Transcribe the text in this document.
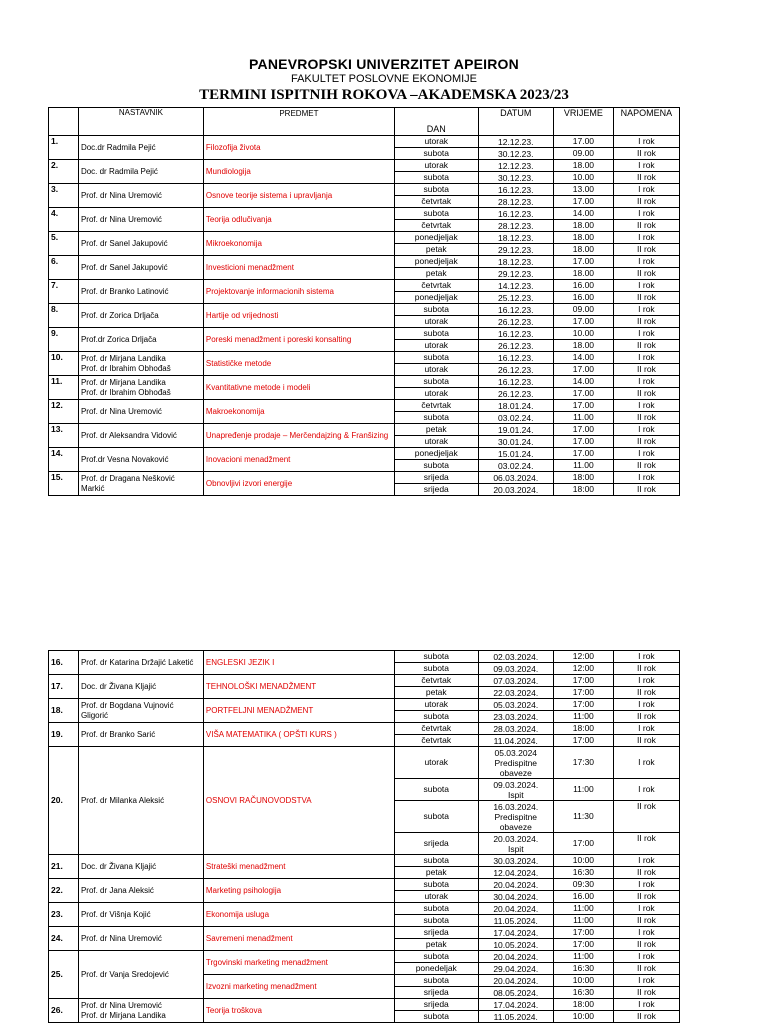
PANEVROPSKI UNIVERZITET APEIRON
FAKULTET POSLOVNE EKONOMIJE
TERMINI ISPITNIH ROKOVA –AKADEMSKA 2023/23
	NASTAVNIK	PREDMET	DAN	DATUM	VRIJEME	NAPOMENA
1.	Doc.dr Radmila Pejić	Filozofija života	utorak	12.12.23.	17.00	I rok
			subota	30.12.23.	09.00	II rok
2.	Doc. dr Radmila Pejić	Mundiologija	utorak	12.12.23.	18.00	I rok
			subota	30.12.23.	10.00	II rok
3.	Prof. dr Nina Uremović	Osnove teorije sistema i upravljanja	subota	16.12.23.	13.00	I rok
			četvrtak	28.12.23.	17.00	II rok
4.	Prof. dr Nina Uremović	Teorija odlučivanja	subota	16.12.23.	14.00	I rok
			četvrtak	28.12.23.	18.00	II rok
5.	Prof. dr Sanel Jakupović	Mikroekonomija	ponedjeljak	18.12.23.	18.00	I rok
			petak	29.12.23.	18.00	II rok
6.	Prof. dr Sanel Jakupović	Investicioni menadžment	ponedjeljak	18.12.23.	17.00	I rok
			petak	29.12.23.	18.00	II rok
7.	Prof. dr Branko Latinović	Projektovanje informacionih sistema	četvrtak	14.12.23.	16.00	I rok
			ponedjeljak	25.12.23.	16.00	II rok
8.	Prof. dr Zorica Drljača	Hartije od vrijednosti	subota	16.12.23.	09.00	I rok
			utorak	26.12.23.	17.00	II rok
9.	Prof.dr Zorica Drljača	Poreski menadžment i poreski konsalting	subota	16.12.23.	10.00	I rok
			utorak	26.12.23.	18.00	II rok
10.	Prof. dr Mirjana Landika
Prof. dr Ibrahim Obhođaš	Statističke metode	subota	16.12.23.	14.00	I rok
			utorak	26.12.23.	17.00	II rok
11.	Prof. dr Mirjana Landika
Prof. dr Ibrahim Obhođaš	Kvantitativne metode i modeli	subota	16.12.23.	14.00	I rok
			utorak	26.12.23.	17.00	II rok
12.	Prof. dr Nina Uremović	Makroekonomija	četvrtak	18.01.24.	17.00	I rok
			subota	03.02.24.	11.00	II rok
13.	Prof. dr Aleksandra Vidović	Unapređenje prodaje – Merčendajzing & Franšizing	petak	19.01.24.	17.00	I rok
			utorak	30.01.24.	17.00	II rok
14.	Prof.dr Vesna Novaković	Inovacioni menadžment	ponedjeljak	15.01.24.	17.00	I rok
			subota	03.02.24.	11.00	II rok
15.	Prof. dr Dragana Nešković
Markić	Obnovljivi izvori energije	srijeda	06.03.2024.	18:00	I rok
			srijeda	20.03.2024.	18:00	II rok
16.	Prof. dr Katarina Držajić Laketić	ENGLESKI JEZIK I	subota	02.03.2024.	12:00	I rok
			subota	09.03.2024.	12:00	II rok
17.	Doc. dr Živana Kljajić	TEHNOLOŠKI MENADŽMENT	četvrtak	07.03.2024.	17:00	I rok
			petak	22.03.2024.	17:00	II rok
18.	Prof. dr Bogdana Vujnović
Gligorić	PORTFELJNI MENADŽMENT	utorak	05.03.2024.	17:00	I rok
			subota	23.03.2024.	11:00	II rok
19.	Prof. dr Branko Sarić	VIŠA MATEMATIKA ( OPŠTI KURS )	četvrtak	28.03.2024.	18:00	I rok
			četvrtak	11.04.2024.	17:00	II rok
20.	Prof. dr Milanka Aleksić	OSNOVI RAČUNOVODSTVA	utorak	05.03.2024
Predispitne
obaveze	17:30	I rok
			subota	09.03.2024.
Ispit	11:00	I rok
			subota	16.03.2024.
Predispitne
obaveze	11:30	II rok
			srijeda	20.03.2024.
Ispit	17:00	II rok
21.	Doc. dr Živana Kljajić	Strateški menadžment	subota	30.03.2024.	10:00	I rok
			petak	12.04.2024.	16:30	II rok
22.	Prof. dr Jana Aleksić	Marketing psihologija	subota	20.04.2024.	09:30	I rok
			utorak	30.04.2024.	16.00	II rok
23.	Prof. dr Višnja Kojić	Ekonomija usluga	subota	20.04.2024.	11:00	I rok
			subota	11.05.2024.	11:00	II rok
24.	Prof. dr Nina Uremović	Savremeni menadžment	srijeda	17.04.2024.	17:00	I rok
			petak	10.05.2024.	17:00	II rok
25.	Prof. dr Vanja Sredojević	Trgovinski marketing menadžment	subota	20.04.2024.	11:00	I rok
			ponedeljak	29.04.2024.	16:30	II rok
		Izvozni marketing menadžment	subota	20.04.2024.	10:00	I rok
			srijeda	08.05.2024.	16:30	II rok
26.	Prof. dr Nina Uremović
Prof. dr Mirjana Landika	Teorija troškova	srijeda	17.04.2024.	18:00	I rok
			subota	11.05.2024.	10:00	II rok
